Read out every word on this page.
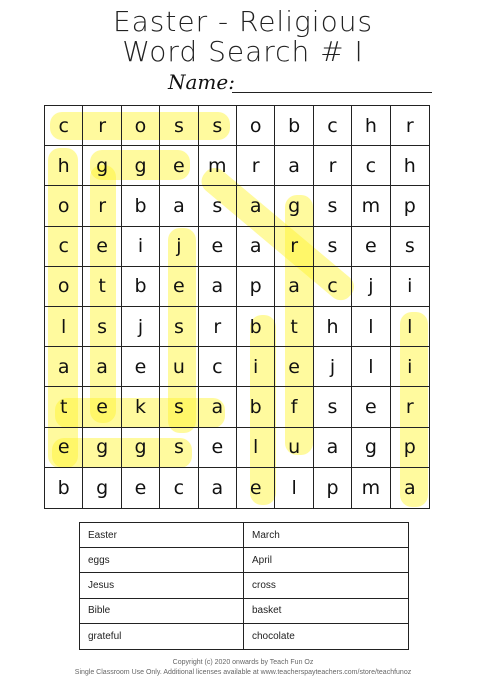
Easter - Religious
Word Search # I
Name:
c	r	o	s	s	o	b	c	h	r
h	g	g	e	m	r	a	r	c	h
o	r	b	a	s	a	g	s	m	p
c	e	i	j	e	a	r	s	e	s
o	t	b	e	a	p	a	c	j	i
l	s	j	s	r	b	t	h	l	l
a	a	e	u	c	i	e	j	l	i
t	e	k	s	a	b	f	s	e	r
e	g	g	s	e	l	u	a	g	p
b	g	e	c	a	e	l	p	m	a
Easter	March
eggs	April
Jesus	cross
Bible	basket
grateful	chocolate
Copyright (c) 2020 onwards by Teach Fun Oz
Single Classroom Use Only. Additional licenses available at www.teacherspayteachers.com/store/teachfunoz
